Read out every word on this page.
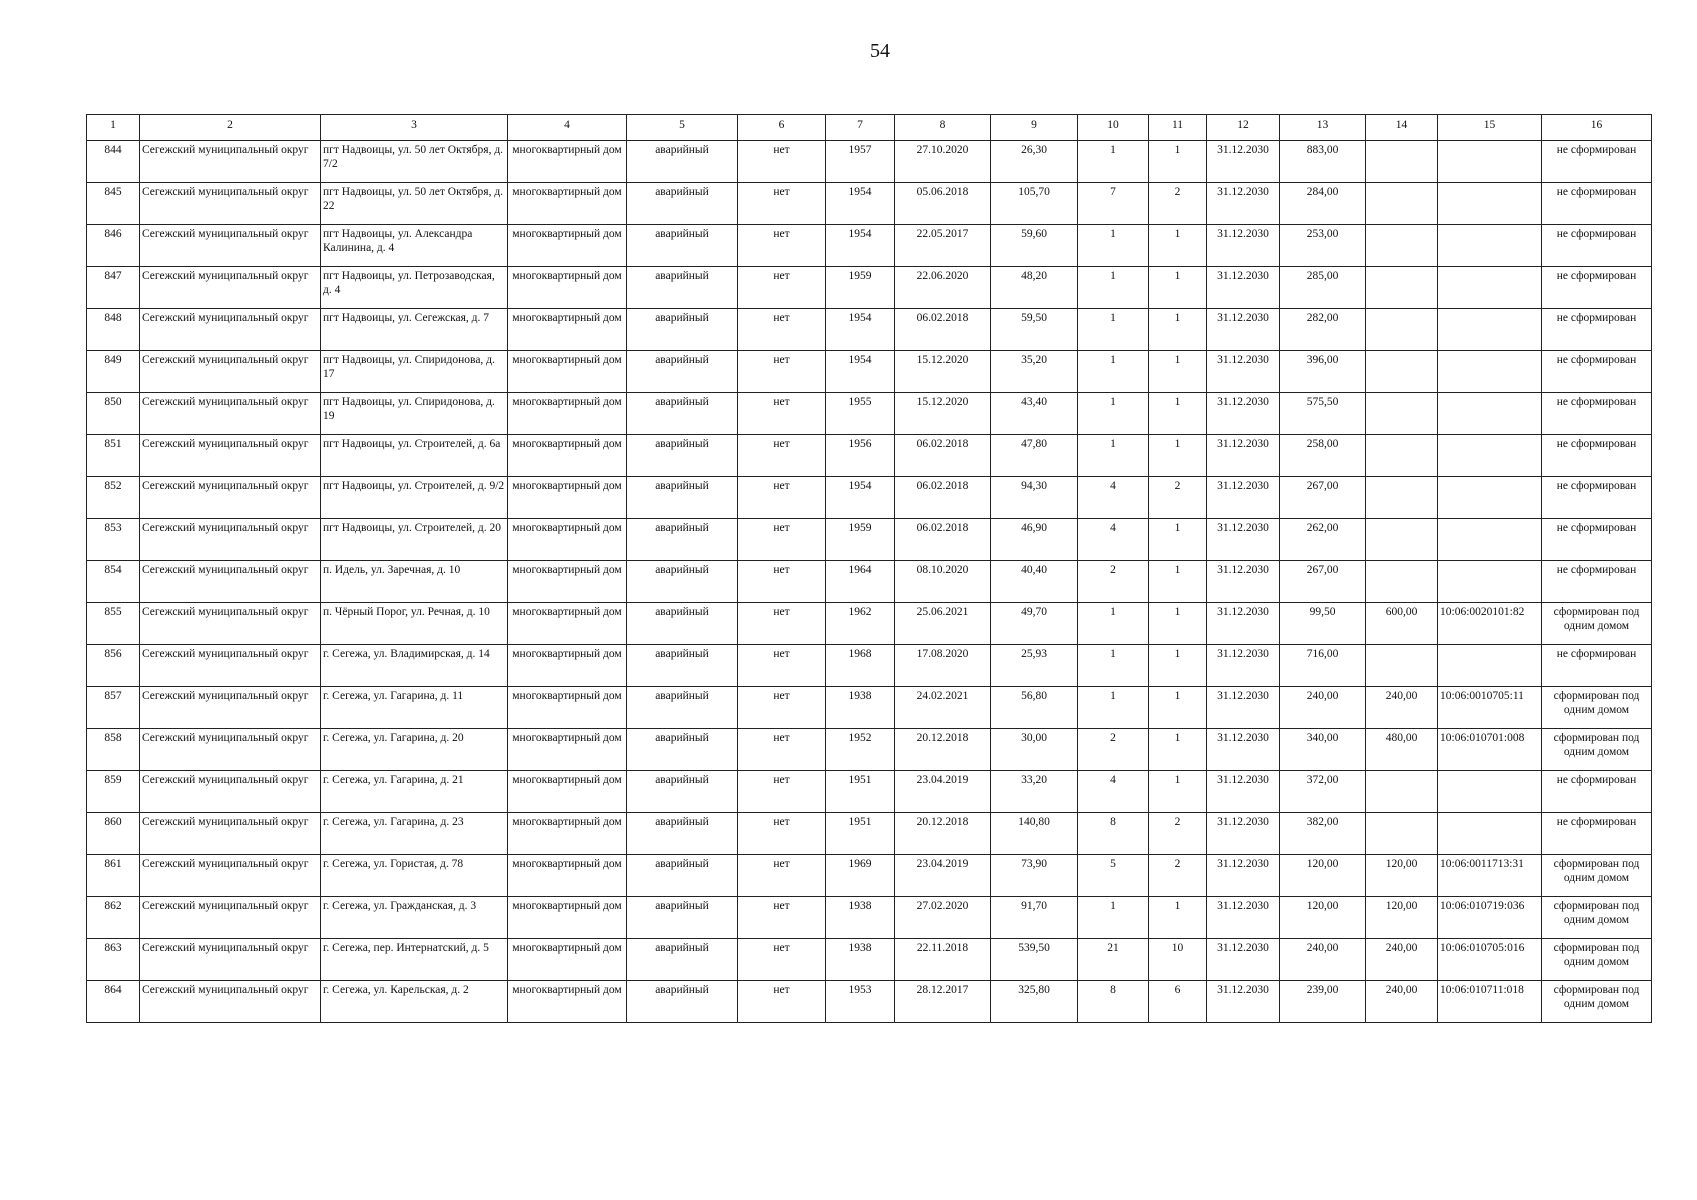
54
1	2	3	4	5	6	7	8	9	10	11	12	13	14	15	16
844	Сегежский муниципальный округ	пгт Надвоицы, ул. 50 лет Октября, д. 7/2	многоквартирный дом	аварийный	нет	1957	27.10.2020	26,30	1	1	31.12.2030	883,00			не сформирован
845	Сегежский муниципальный округ	пгт Надвоицы, ул. 50 лет Октября, д. 22	многоквартирный дом	аварийный	нет	1954	05.06.2018	105,70	7	2	31.12.2030	284,00			не сформирован
846	Сегежский муниципальный округ	пгт Надвоицы, ул. Александра Калинина, д. 4	многоквартирный дом	аварийный	нет	1954	22.05.2017	59,60	1	1	31.12.2030	253,00			не сформирован
847	Сегежский муниципальный округ	пгт Надвоицы, ул. Петрозаводская, д. 4	многоквартирный дом	аварийный	нет	1959	22.06.2020	48,20	1	1	31.12.2030	285,00			не сформирован
848	Сегежский муниципальный округ	пгт Надвоицы, ул. Сегежская, д. 7	многоквартирный дом	аварийный	нет	1954	06.02.2018	59,50	1	1	31.12.2030	282,00			не сформирован
849	Сегежский муниципальный округ	пгт Надвоицы, ул. Спиридонова, д. 17	многоквартирный дом	аварийный	нет	1954	15.12.2020	35,20	1	1	31.12.2030	396,00			не сформирован
850	Сегежский муниципальный округ	пгт Надвоицы, ул. Спиридонова, д. 19	многоквартирный дом	аварийный	нет	1955	15.12.2020	43,40	1	1	31.12.2030	575,50			не сформирован
851	Сегежский муниципальный округ	пгт Надвоицы, ул. Строителей, д. 6а	многоквартирный дом	аварийный	нет	1956	06.02.2018	47,80	1	1	31.12.2030	258,00			не сформирован
852	Сегежский муниципальный округ	пгт Надвоицы, ул. Строителей, д. 9/2	многоквартирный дом	аварийный	нет	1954	06.02.2018	94,30	4	2	31.12.2030	267,00			не сформирован
853	Сегежский муниципальный округ	пгт Надвоицы, ул. Строителей, д. 20	многоквартирный дом	аварийный	нет	1959	06.02.2018	46,90	4	1	31.12.2030	262,00			не сформирован
854	Сегежский муниципальный округ	п. Идель, ул. Заречная, д. 10	многоквартирный дом	аварийный	нет	1964	08.10.2020	40,40	2	1	31.12.2030	267,00			не сформирован
855	Сегежский муниципальный округ	п. Чёрный Порог, ул. Речная, д. 10	многоквартирный дом	аварийный	нет	1962	25.06.2021	49,70	1	1	31.12.2030	99,50	600,00	10:06:0020101:82	сформирован под одним домом
856	Сегежский муниципальный округ	г. Сегежа, ул. Владимирская, д. 14	многоквартирный дом	аварийный	нет	1968	17.08.2020	25,93	1	1	31.12.2030	716,00			не сформирован
857	Сегежский муниципальный округ	г. Сегежа, ул. Гагарина, д. 11	многоквартирный дом	аварийный	нет	1938	24.02.2021	56,80	1	1	31.12.2030	240,00	240,00	10:06:0010705:11	сформирован под одним домом
858	Сегежский муниципальный округ	г. Сегежа, ул. Гагарина, д. 20	многоквартирный дом	аварийный	нет	1952	20.12.2018	30,00	2	1	31.12.2030	340,00	480,00	10:06:010701:008	сформирован под одним домом
859	Сегежский муниципальный округ	г. Сегежа, ул. Гагарина, д. 21	многоквартирный дом	аварийный	нет	1951	23.04.2019	33,20	4	1	31.12.2030	372,00			не сформирован
860	Сегежский муниципальный округ	г. Сегежа, ул. Гагарина, д. 23	многоквартирный дом	аварийный	нет	1951	20.12.2018	140,80	8	2	31.12.2030	382,00			не сформирован
861	Сегежский муниципальный округ	г. Сегежа, ул. Гористая, д. 78	многоквартирный дом	аварийный	нет	1969	23.04.2019	73,90	5	2	31.12.2030	120,00	120,00	10:06:0011713:31	сформирован под одним домом
862	Сегежский муниципальный округ	г. Сегежа, ул. Гражданская, д. 3	многоквартирный дом	аварийный	нет	1938	27.02.2020	91,70	1	1	31.12.2030	120,00	120,00	10:06:010719:036	сформирован под одним домом
863	Сегежский муниципальный округ	г. Сегежа, пер. Интернатский, д. 5	многоквартирный дом	аварийный	нет	1938	22.11.2018	539,50	21	10	31.12.2030	240,00	240,00	10:06:010705:016	сформирован под одним домом
864	Сегежский муниципальный округ	г. Сегежа, ул. Карельская, д. 2	многоквартирный дом	аварийный	нет	1953	28.12.2017	325,80	8	6	31.12.2030	239,00	240,00	10:06:010711:018	сформирован под одним домом
